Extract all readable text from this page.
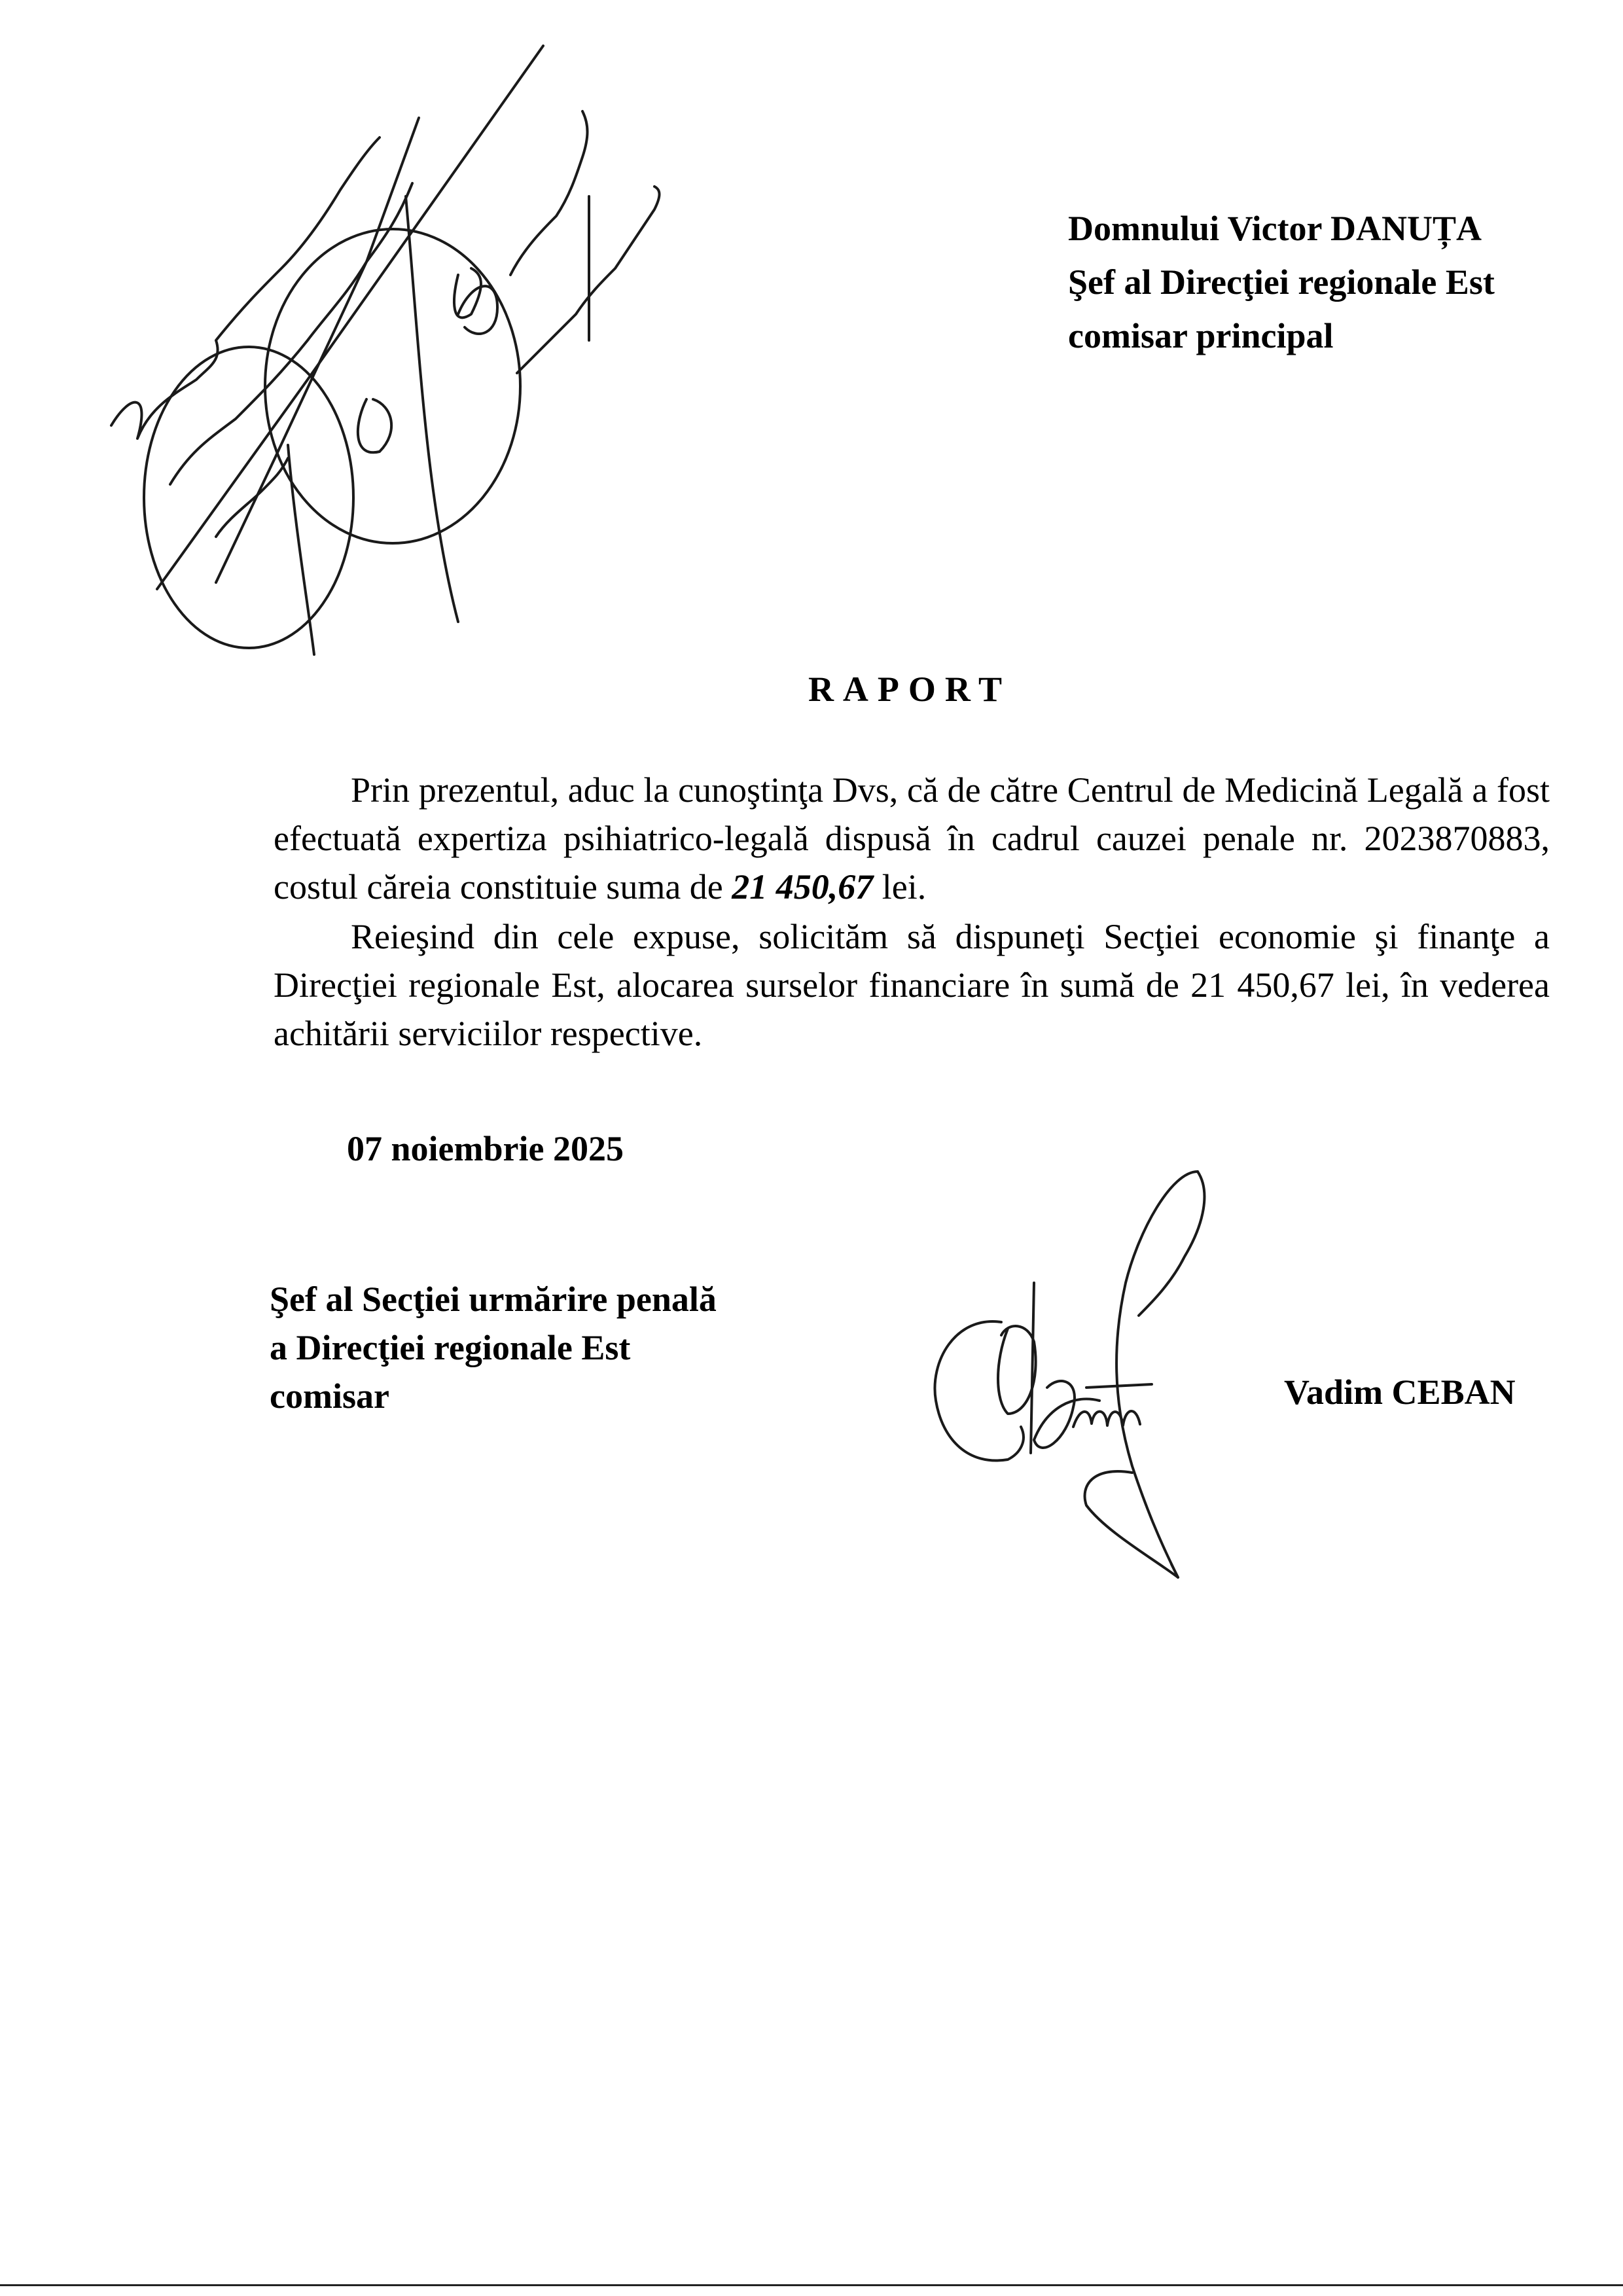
Domnului Victor DANUȚA
Şef al Direcţiei regionale Est
comisar principal
RAPORT

Prin prezentul, aduc la cunoştinţa Dvs, că de către Centrul de Medicină Legală a fost efectuată expertiza psihiatrico-legală dispusă în cadrul cauzei penale nr. 2023870883, costul căreia constituie suma de 21 450,67 lei.

Reieşind din cele expuse, solicităm să dispuneţi Secţiei economie şi finanţe a Direcţiei regionale Est, alocarea surselor financiare în sumă de 21 450,67 lei, în vederea achitării serviciilor respective.

07 noiembrie 2025
Şef al Secţiei urmărire penală
a Direcţiei regionale Est
comisar	Vadim CEBAN
